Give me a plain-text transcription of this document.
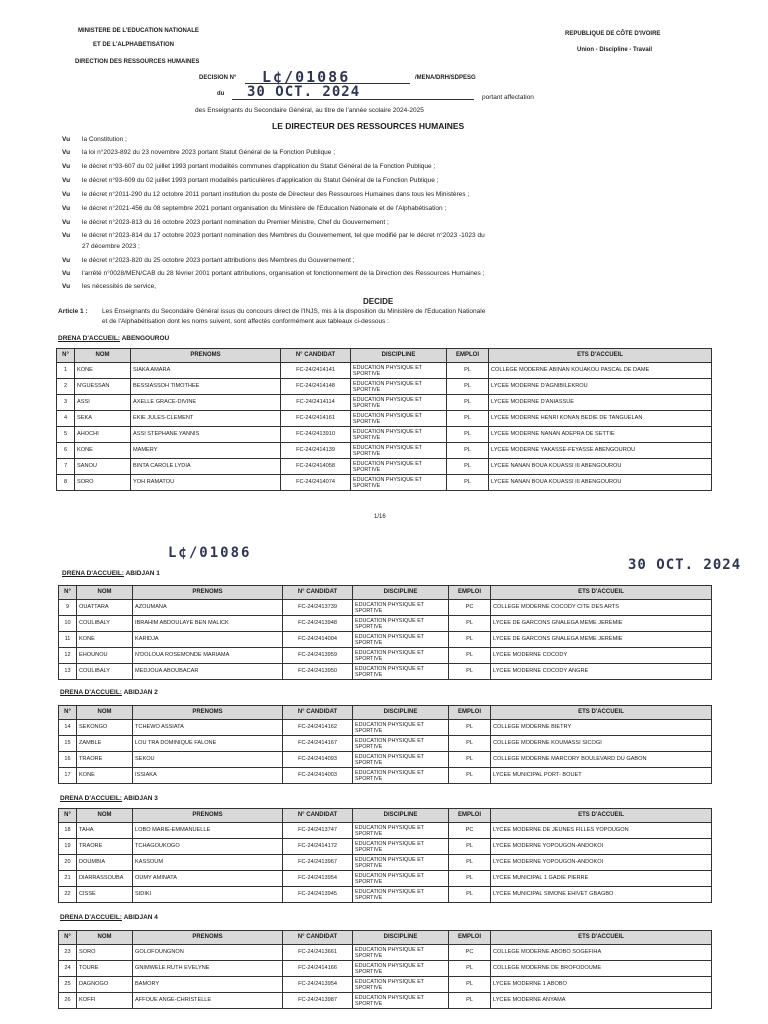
MINISTERE DE L'EDUCATION NATIONALE
ET DE L'ALPHABETISATION
DIRECTION DES RESSOURCES HUMAINES
REPUBLIQUE DE CÔTE D'IVOIRE
Union - Discipline - Travail
DECISION N° L¢/01086	/MENA/DRH/SDPESG
du 30 OCT. 2024	portant affectation
des Enseignants du Secondaire Général, au titre de l'année scolaire 2024-2025
LE DIRECTEUR DES RESSOURCES HUMAINES
Vu la Constitution ;
Vu la loi n°2023-892 du 23 novembre 2023 portant Statut Général de la Fonction Publique ;
Vu le décret n°93-607 du 02 juillet 1993 portant modalités communes d'application du Statut Général de la Fonction Publique ;
Vu le décret n°93-609 du 02 juillet 1993 portant modalités particulières d'application du Statut Général de la Fonction Publique ;
Vu le décret n°2011-290 du 12 octobre 2011 portant institution du poste de Directeur des Ressources Humaines dans tous les Ministères ;
Vu le décret n°2021-456 du 08 septembre 2021 portant organisation du Ministère de l'Education Nationale et de l'Alphabétisation ;
Vu le décret n°2023-813 du 16 octobre 2023 portant nomination du Premier Ministre, Chef du Gouvernement ;
Vu le décret n°2023-814 du 17 octobre 2023 portant nomination des Membres du Gouvernement, tel que modifié par le décret n°2023 -1023 du
27 décembre 2023 ;
Vu le décret n°2023-820 du 25 octobre 2023 portant attributions des Membres du Gouvernement ;
Vu l'arrêté n°0028/MEN/CAB du 28 février 2001 portant attributions, organisation et fonctionnement de la Direction des Ressources Humaines ;
Vu les nécessités de service,
DECIDE
Article 1 : Les Enseignants du Secondaire Général issus du concours direct de l'INJS, mis à la disposition du Ministère de l'Education Nationale
et de l'Alphabétisation dont les noms suivent, sont affectés conformément aux tableaux ci-dessous :
DRENA D'ACCUEIL: ABENGOUROU
N°	NOM	PRENOMS	N° CANDIDAT	DISCIPLINE	EMPLOI	ETS D'ACCUEIL
1	KONE	SIAKA AMARA	FC-24/2414141	EDUCATION PHYSIQUE ET SPORTIVE	PL	COLLEGE MODERNE ABINAN KOUAKOU PASCAL DE DAME
2	N'GUESSAN	BESSIASSOH TIMOTHEE	FC-24/2414148	EDUCATION PHYSIQUE ET SPORTIVE	PL	LYCEE MODERNE D'AGNIBILEKROU
3	ASSI	AXELLE GRACE-DIVINE	FC-24/2414114	EDUCATION PHYSIQUE ET SPORTIVE	PL	LYCEE MODERNE D'ANIASSUE
4	SEKA	EKIE JULES-CLEMENT	FC-24/2414161	EDUCATION PHYSIQUE ET SPORTIVE	PL	LYCEE MODERNE HENRI KONAN BEDIE DE TANGUELAN
5	AHOCHI	ASSI STEPHANE YANNIS	FC-24/2413910	EDUCATION PHYSIQUE ET SPORTIVE	PL	LYCEE MODERNE NANAN ADEPRA DE SETTIE
6	KONE	MAMERY	FC-24/2414139	EDUCATION PHYSIQUE ET SPORTIVE	PL	LYCEE MODERNE YAKASSE-FEYASSE ABENGOUROU
7	SANOU	BINTA CAROLE LYDIA	FC-24/2414058	EDUCATION PHYSIQUE ET SPORTIVE	PL	LYCEE NANAN BOUA KOUASSI III ABENGOUROU
8	SORO	YOH RAMATOU	FC-24/2414074	EDUCATION PHYSIQUE ET SPORTIVE	PL	LYCEE NANAN BOUA KOUASSI III ABENGOUROU
1/16
L¢/01086
30 OCT. 2024
DRENA D'ACCUEIL: ABIDJAN 1
N°	NOM	PRENOMS	N° CANDIDAT	DISCIPLINE	EMPLOI	ETS D'ACCUEIL
9	OUATTARA	AZOUMANA	FC-24/2413739	EDUCATION PHYSIQUE ET SPORTIVE	PC	COLLEGE MODERNE COCODY CITE DES ARTS
10	COULIBALY	IBRAHIM ABDOULAYE BEN MALICK	FC-24/2413948	EDUCATION PHYSIQUE ET SPORTIVE	PL	LYCEE DE GARCONS GNALEGA MEME JEREMIE
11	KONE	KARIDJA	FC-24/2414004	EDUCATION PHYSIQUE ET SPORTIVE	PL	LYCEE DE GARCONS GNALEGA MEME JEREMIE
12	EHOUNOU	N'DOLOUA ROSEMONDE MARIAMA	FC-24/2413959	EDUCATION PHYSIQUE ET SPORTIVE	PL	LYCEE MODERNE COCODY
13	COULIBALY	MEDJOUA ABOUBACAR	FC-24/2413950	EDUCATION PHYSIQUE ET SPORTIVE	PL	LYCEE MODERNE COCODY ANGRE
DRENA D'ACCUEIL: ABIDJAN 2
N°	NOM	PRENOMS	N° CANDIDAT	DISCIPLINE	EMPLOI	ETS D'ACCUEIL
14	SEKONGO	TCHEWO ASSIATA	FC-24/2414162	EDUCATION PHYSIQUE ET SPORTIVE	PL	COLLEGE MODERNE BIETRY
15	ZAMBLE	LOU TRA DOMINIQUE FALONE	FC-24/2414167	EDUCATION PHYSIQUE ET SPORTIVE	PL	COLLEGE MODERNE KOUMASSI SICOGI
16	TRAORE	SEKOU	FC-24/2414093	EDUCATION PHYSIQUE ET SPORTIVE	PL	COLLEGE MODERNE MARCORY BOULEVARD DU GABON
17	KONE	ISSIAKA	FC-24/2414003	EDUCATION PHYSIQUE ET SPORTIVE	PL	LYCEE MUNICIPAL PORT- BOUET
DRENA D'ACCUEIL: ABIDJAN 3
N°	NOM	PRENOMS	N° CANDIDAT	DISCIPLINE	EMPLOI	ETS D'ACCUEIL
18	TAHA	LOBO MARIE-EMMANUELLE	FC-24/2413747	EDUCATION PHYSIQUE ET SPORTIVE	PC	LYCEE MODERNE DE JEUNES FILLES YOPOUGON
19	TRAORE	TCHAGOUKOGO	FC-24/2414172	EDUCATION PHYSIQUE ET SPORTIVE	PL	LYCEE MODERNE YOPOUGON-ANDOKOI
20	DOUMBIA	KASSOUM	FC-24/2413967	EDUCATION PHYSIQUE ET SPORTIVE	PL	LYCEE MODERNE YOPOUGON-ANDOKOI
21	DIARRASSOUBA	OUMY AMINATA	FC-24/2413954	EDUCATION PHYSIQUE ET SPORTIVE	PL	LYCEE MUNICIPAL 1 GADIE PIERRE
22	CISSE	SIDIKI	FC-24/2413945	EDUCATION PHYSIQUE ET SPORTIVE	PL	LYCEE MUNICIPAL SIMONE EHIVET GBAGBO
DRENA D'ACCUEIL: ABIDJAN 4
N°	NOM	PRENOMS	N° CANDIDAT	DISCIPLINE	EMPLOI	ETS D'ACCUEIL
23	SORO	GOLOFOUNGNON	FC-24/2413661	EDUCATION PHYSIQUE ET SPORTIVE	PC	COLLEGE MODERNE ABOBO SOGEFIHA
24	TOURE	GNIMWELE RUTH EVELYNE	FC-24/2414166	EDUCATION PHYSIQUE ET SPORTIVE	PL	COLLEGE MODERNE DE BROFODOUME
25	DAGNOGO	BAMORY	FC-24/2413954	EDUCATION PHYSIQUE ET SPORTIVE	PL	LYCEE MODERNE 1 ABOBO
26	KOFFI	AFFOUE ANGE-CHRISTELLE	FC-24/2413987	EDUCATION PHYSIQUE ET SPORTIVE	PL	LYCEE MODERNE ANYAMA
